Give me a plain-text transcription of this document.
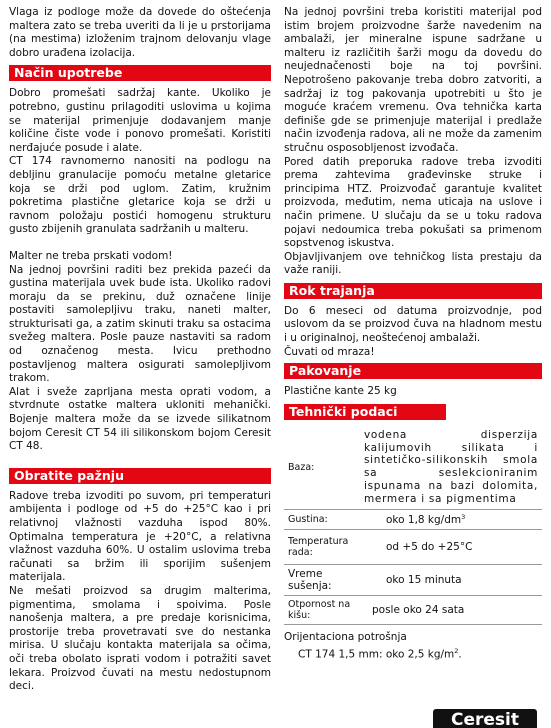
Vlaga iz podloge može da dovede do oštećenja maltera zato se treba uveriti da li je u prstorijama (na mestima) izloženim trajnom delovanju vlage dobro urađena izolacija.

Način upotrebe

Dobro promešati sadržaj kante. Ukoliko je potrebno, gustinu prilagoditi uslovima u kojima se materijal primenjuje dodavanjem manje količine čiste vode i ponovo promešati. Koristiti nerđajuće posude i alate.

CT 174 ravnomerno nanositi na podlogu na debljinu granulacije pomoću metalne gletarice koja se drži pod uglom. Zatim, kružnim pokretima plastične gletarice koja se drži u ravnom položaju postići homogenu strukturu gusto zbijenih granulata sadržanih u malteru.

Malter ne treba prskati vodom!

Na jednoj površini raditi bez prekida pazeći da gustina materijala uvek bude ista. Ukoliko radovi moraju da se prekinu, duž označene linije postaviti samolepljivu traku, naneti malter, strukturisati ga, a zatim skinuti traku sa ostacima svežeg maltera. Posle pauze nastaviti sa radom od označenog mesta. Ivicu prethodno postavljenog maltera osigurati samolepljivom trakom.

Alat i sveže zaprljana mesta oprati vodom, a stvrdnute ostatke maltera ukloniti mehanički. Bojenje maltera može da se izvede silikatnom bojom Ceresit CT 54 ili silikonskom bojom Ceresit CT 48.

Obratite pažnju

Radove treba izvoditi po suvom, pri temperaturi ambijenta i podloge od +5 do +25°C kao i pri relativnoj vlažnosti vazduha ispod 80%. Optimalna temperatura je +20°C, a relativna vlažnost vazduha 60%. U ostalim uslovima treba računati sa bržim ili sporijim sušenjem materijala.

Ne mešati proizvod sa drugim malterima, pigmentima, smolama i spoivima. Posle nanošenja maltera, a pre predaje korisnicima, prostorije treba provetravati sve do nestanka mirisa. U slučaju kontakta materijala sa očima, oči treba obolato isprati vodom i potražiti savet lekara. Proizvod čuvati na mestu nedostupnom deci.

Na jednoj površini treba koristiti materijal pod istim brojem proizvodne šarže navedenim na ambalaži, jer mineralne ispune sadržane u malteru iz različitih šarži mogu da dovedu do neujednačenosti boje na toj površini. Nepotrošeno pakovanje treba dobro zatvoriti, a sadržaj iz tog pakovanja upotrebiti u što je moguće kraćem vremenu. Ova tehnička karta definiše gde se primenjuje materijal i predlaže način izvođenja radova, ali ne može da zamenim stručnu osposobljenost izvođača.

Pored datih preporuka radove treba izvoditi prema zahtevima građevinske struke i principima HTZ. Proizvođač garantuje kvalitet proizvoda, međutim, nema uticaja na uslove i način primene. U slučaju da se u toku radova pojavi nedoumica treba pokušati sa primenom sopstvenog iskustva.

Objavljivanjem ove tehničkog lista prestaju da važe raniji.

Rok trajanja

Do 6 meseci od datuma proizvodnje, pod uslovom da se proizvod čuva na hladnom mestu i u originalnoj, neoštećenoj ambalaži.

Čuvati od mraza!

Pakovanje

Plastične kante 25 kg

Tehnički podaci
Baza:	vodena disperzija kalijumovih silikata i sintetičko-silikonskih smola sa seslekcioniranim ispunama na bazi dolomita, mermera i sa pigmentima
Gustina:	oko 1,8 $kg/dm^3$
Temperatura rada:	od +5 do +25°C
Vreme sušenja:	oko 15 minuta
Otpornost na kišu:	posle oko 24 sata
Orijentaciona potrošnja
CT 174 1,5 mm: oko 2,5 $kg/m^2$.
Ceresit
